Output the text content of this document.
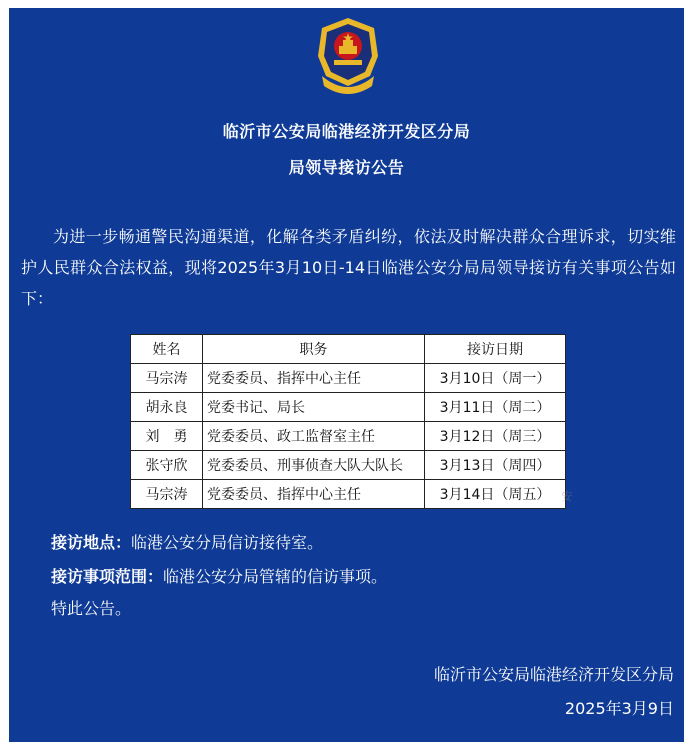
临沂市公安局临港经济开发区分局
局领导接访公告
为进一步畅通警民沟通渠道，化解各类矛盾纠纷，依法及时解决群众合理诉求，切实维护人民群众合法权益，现将2025年3月10日-14日临港公安分局局领导接访有关事项公告如下：
姓名	职务	接访日期
马宗涛	党委委员、指挥中心主任	3月10日（周一）
胡永良	党委书记、局长	3月11日（周二）
刘　勇	党委委员、政工监督室主任	3月12日（周三）
张守欣	党委委员、刑事侦查大队大队长	3月13日（周四）
马宗涛	党委委员、指挥中心主任	3月14日（周五） 安
接访地点：临港公安分局信访接待室。
接访事项范围：临港公安分局管辖的信访事项。
特此公告。
临沂市公安局临港经济开发区分局
2025年3月9日
